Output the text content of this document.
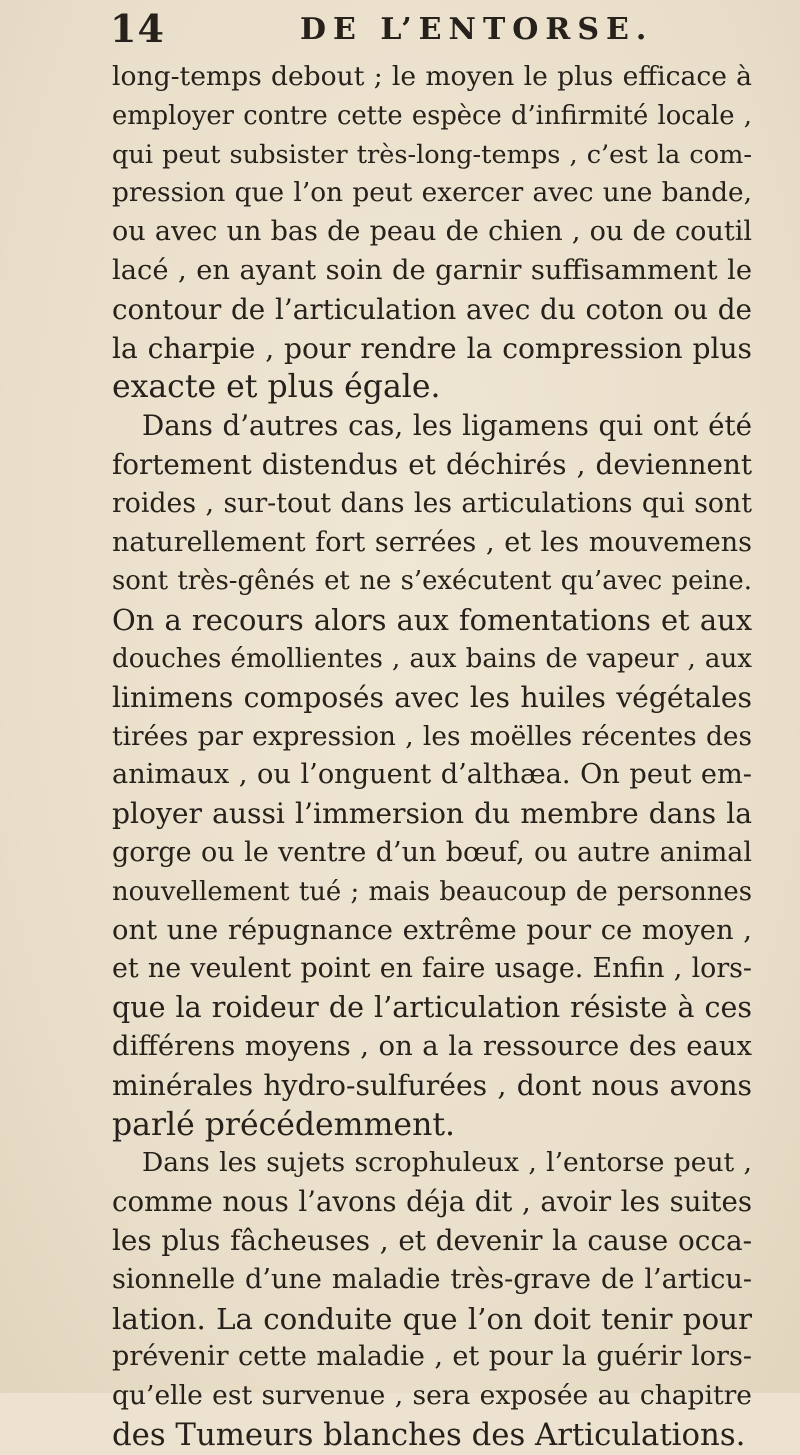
14	DE L’ENTORSE.
long-temps debout ; le moyen le plus efficace à
employer contre cette espèce d’infirmité locale ,
qui peut subsister très-long-temps , c’est la com-
pression que l’on peut exercer avec une bande,
ou avec un bas de peau de chien , ou de coutil
lacé , en ayant soin de garnir suffisamment le
contour de l’articulation avec du coton ou de
la charpie , pour rendre la compression plus
exacte et plus égale.
Dans d’autres cas, les ligamens qui ont été
fortement distendus et déchirés , deviennent
roides , sur-tout dans les articulations qui sont
naturellement fort serrées , et les mouvemens
sont très-gênés et ne s’exécutent qu’avec peine.
On a recours alors aux fomentations et aux
douches émollientes , aux bains de vapeur , aux
linimens composés avec les huiles végétales
tirées par expression , les moëlles récentes des
animaux , ou l’onguent d’althæa. On peut em-
ployer aussi l’immersion du membre dans la
gorge ou le ventre d’un bœuf, ou autre animal
nouvellement tué ; mais beaucoup de personnes
ont une répugnance extrême pour ce moyen ,
et ne veulent point en faire usage. Enfin , lors-
que la roideur de l’articulation résiste à ces
différens moyens , on a la ressource des eaux
minérales hydro-sulfurées , dont nous avons
parlé précédemment.
Dans les sujets scrophuleux , l’entorse peut ,
comme nous l’avons déja dit , avoir les suites
les plus fâcheuses , et devenir la cause occa-
sionnelle d’une maladie très-grave de l’articu-
lation. La conduite que l’on doit tenir pour
prévenir cette maladie , et pour la guérir lors-
qu’elle est survenue , sera exposée au chapitre
des Tumeurs blanches des Articulations.
